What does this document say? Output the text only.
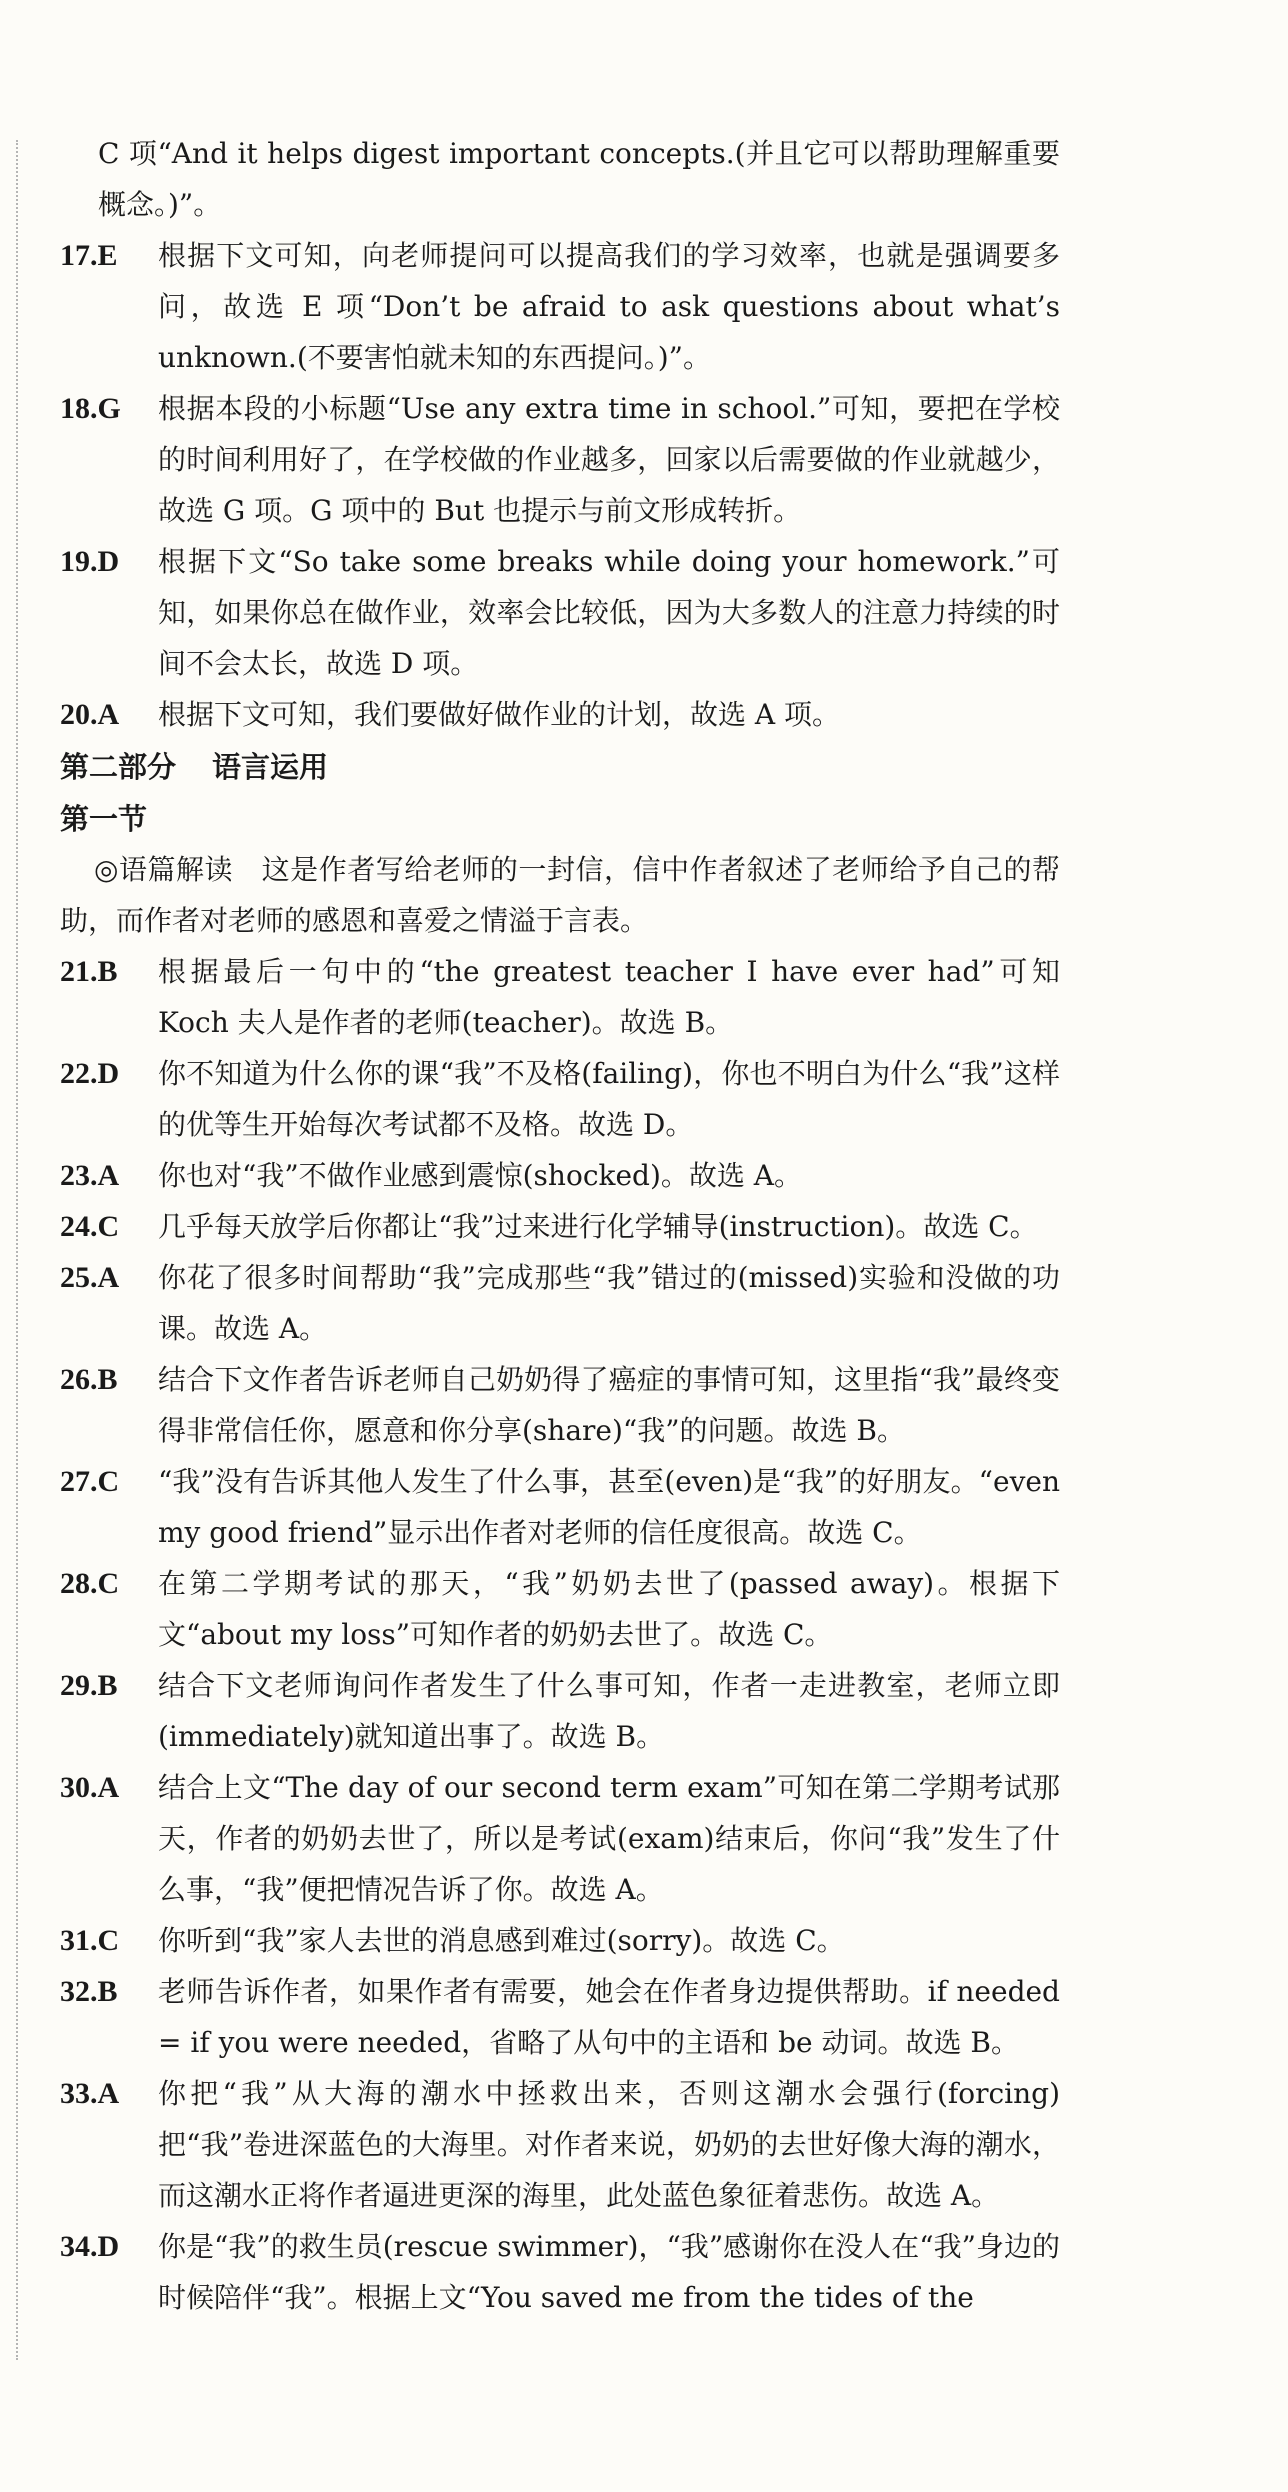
C 项“And it helps digest important concepts.(并且它可以帮助理解重要概念。)”。
17.E 根据下文可知，向老师提问可以提高我们的学习效率，也就是强调要多问，故选 E 项“Don’t be afraid to ask questions about what’s unknown.(不要害怕就未知的东西提问。)”。
18.G 根据本段的小标题“Use any extra time in school.”可知，要把在学校的时间利用好了，在学校做的作业越多，回家以后需要做的作业就越少，故选 G 项。G 项中的 But 也提示与前文形成转折。
19.D 根据下文“So take some breaks while doing your homework.”可知，如果你总在做作业，效率会比较低，因为大多数人的注意力持续的时间不会太长，故选 D 项。
20.A 根据下文可知，我们要做好做作业的计划，故选 A 项。
第二部分 语言运用
第一节
◎语篇解读　这是作者写给老师的一封信，信中作者叙述了老师给予自己的帮助，而作者对老师的感恩和喜爱之情溢于言表。
21.B 根据最后一句中的“the greatest teacher I have ever had”可知 Koch 夫人是作者的老师(teacher)。故选 B。
22.D 你不知道为什么你的课“我”不及格(failing)，你也不明白为什么“我”这样的优等生开始每次考试都不及格。故选 D。
23.A 你也对“我”不做作业感到震惊(shocked)。故选 A。
24.C 几乎每天放学后你都让“我”过来进行化学辅导(instruction)。故选 C。
25.A 你花了很多时间帮助“我”完成那些“我”错过的(missed)实验和没做的功课。故选 A。
26.B 结合下文作者告诉老师自己奶奶得了癌症的事情可知，这里指“我”最终变得非常信任你，愿意和你分享(share)“我”的问题。故选 B。
27.C “我”没有告诉其他人发生了什么事，甚至(even)是“我”的好朋友。“even my good friend”显示出作者对老师的信任度很高。故选 C。
28.C 在第二学期考试的那天，“我”奶奶去世了(passed away)。根据下文“about my loss”可知作者的奶奶去世了。故选 C。
29.B 结合下文老师询问作者发生了什么事可知，作者一走进教室，老师立即(immediately)就知道出事了。故选 B。
30.A 结合上文“The day of our second term exam”可知在第二学期考试那天，作者的奶奶去世了，所以是考试(exam)结束后，你问“我”发生了什么事，“我”便把情况告诉了你。故选 A。
31.C 你听到“我”家人去世的消息感到难过(sorry)。故选 C。
32.B 老师告诉作者，如果作者有需要，她会在作者身边提供帮助。if needed = if you were needed，省略了从句中的主语和 be 动词。故选 B。
33.A 你把“我”从大海的潮水中拯救出来，否则这潮水会强行(forcing)把“我”卷进深蓝色的大海里。对作者来说，奶奶的去世好像大海的潮水，而这潮水正将作者逼进更深的海里，此处蓝色象征着悲伤。故选 A。
34.D 你是“我”的救生员(rescue swimmer)，“我”感谢你在没人在“我”身边的时候陪伴“我”。根据上文“You saved me from the tides of the
